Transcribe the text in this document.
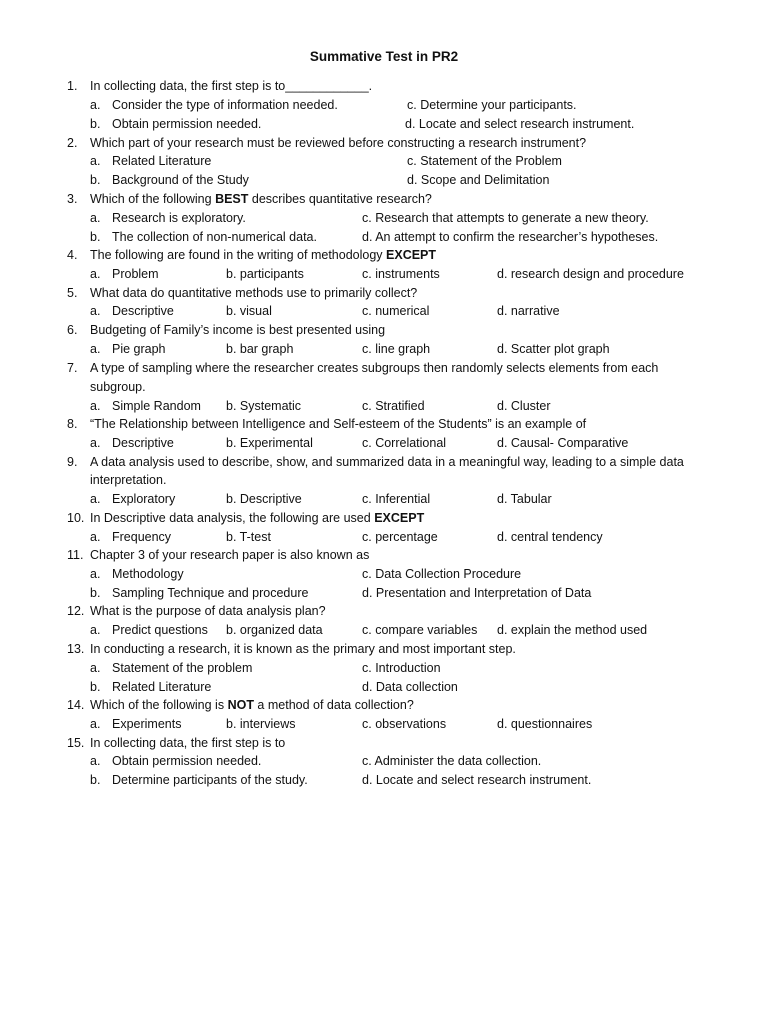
Summative Test in PR2
1. In collecting data, the first step is to____________.
a. Consider the type of information needed.	c. Determine your participants.
b. Obtain permission needed.	d. Locate and select research instrument.
2. Which part of your research must be reviewed before constructing a research instrument?
a. Related Literature	c. Statement of the Problem
b. Background of the Study	d. Scope and Delimitation
3. Which of the following BEST describes quantitative research?
a. Research is exploratory.	c. Research that attempts to generate a new theory.
b. The collection of non-numerical data.	d. An attempt to confirm the researcher’s hypotheses.
4. The following are found in the writing of methodology EXCEPT
a. Problem	b. participants	c. instruments	d. research design and procedure
5. What data do quantitative methods use to primarily collect?
a. Descriptive	b. visual	c. numerical	d. narrative
6. Budgeting of Family’s income is best presented using
a. Pie graph	b. bar graph	c. line graph	d. Scatter plot graph
7. A type of sampling where the researcher creates subgroups then randomly selects elements from each
subgroup.
a. Simple Random b. Systematic	c. Stratified	d. Cluster
8. “The Relationship between Intelligence and Self-esteem of the Students” is an example of
a. Descriptive	b. Experimental	c. Correlational	d. Causal- Comparative
9. A data analysis used to describe, show, and summarized data in a meaningful way, leading to a simple data
interpretation.
a. Exploratory	b. Descriptive	c. Inferential	d. Tabular
10. In Descriptive data analysis, the following are used EXCEPT
a. Frequency	b. T-test	c. percentage	d. central tendency
11. Chapter 3 of your research paper is also known as
a. Methodology	c. Data Collection Procedure
b. Sampling Technique and procedure	d. Presentation and Interpretation of Data
12. What is the purpose of data analysis plan?
a. Predict questions b. organized data	c. compare variables d. explain the method used
13. In conducting a research, it is known as the primary and most important step.
a. Statement of the problem	c. Introduction
b. Related Literature	d. Data collection
14. Which of the following is NOT a method of data collection?
a. Experiments	b. interviews	c. observations	d. questionnaires
15. In collecting data, the first step is to
a. Obtain permission needed.	c. Administer the data collection.
b. Determine participants of the study.	d. Locate and select research instrument.
